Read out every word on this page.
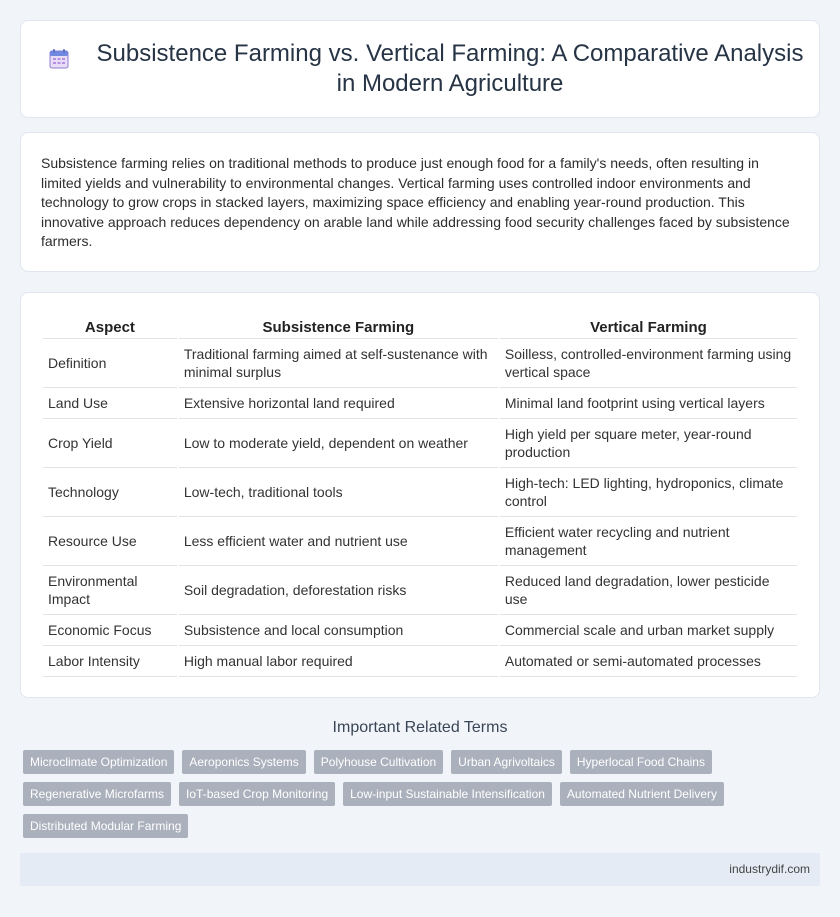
Subsistence Farming vs. Vertical Farming: A Comparative Analysis in Modern Agriculture

Subsistence farming relies on traditional methods to produce just enough food for a family's needs, often resulting in limited yields and vulnerability to environmental changes. Vertical farming uses controlled indoor environments and technology to grow crops in stacked layers, maximizing space efficiency and enabling year-round production. This innovative approach reduces dependency on arable land while addressing food security challenges faced by subsistence farmers.

Aspect	Subsistence Farming	Vertical Farming
Definition	Traditional farming aimed at self-sustenance with minimal surplus	Soilless, controlled-environment farming using vertical space
Land Use	Extensive horizontal land required	Minimal land footprint using vertical layers
Crop Yield	Low to moderate yield, dependent on weather	High yield per square meter, year-round production
Technology	Low-tech, traditional tools	High-tech: LED lighting, hydroponics, climate control
Resource Use	Less efficient water and nutrient use	Efficient water recycling and nutrient management
Environmental Impact	Soil degradation, deforestation risks	Reduced land degradation, lower pesticide use
Economic Focus	Subsistence and local consumption	Commercial scale and urban market supply
Labor Intensity	High manual labor required	Automated or semi-automated processes
Important Related Terms
Microclimate Optimization	Aeroponics Systems	Polyhouse Cultivation	Urban Agrivoltaics	Hyperlocal Food Chains
Regenerative Microfarms	IoT-based Crop Monitoring	Low-input Sustainable Intensification	Automated Nutrient Delivery
Distributed Modular Farming
industrydif.com
